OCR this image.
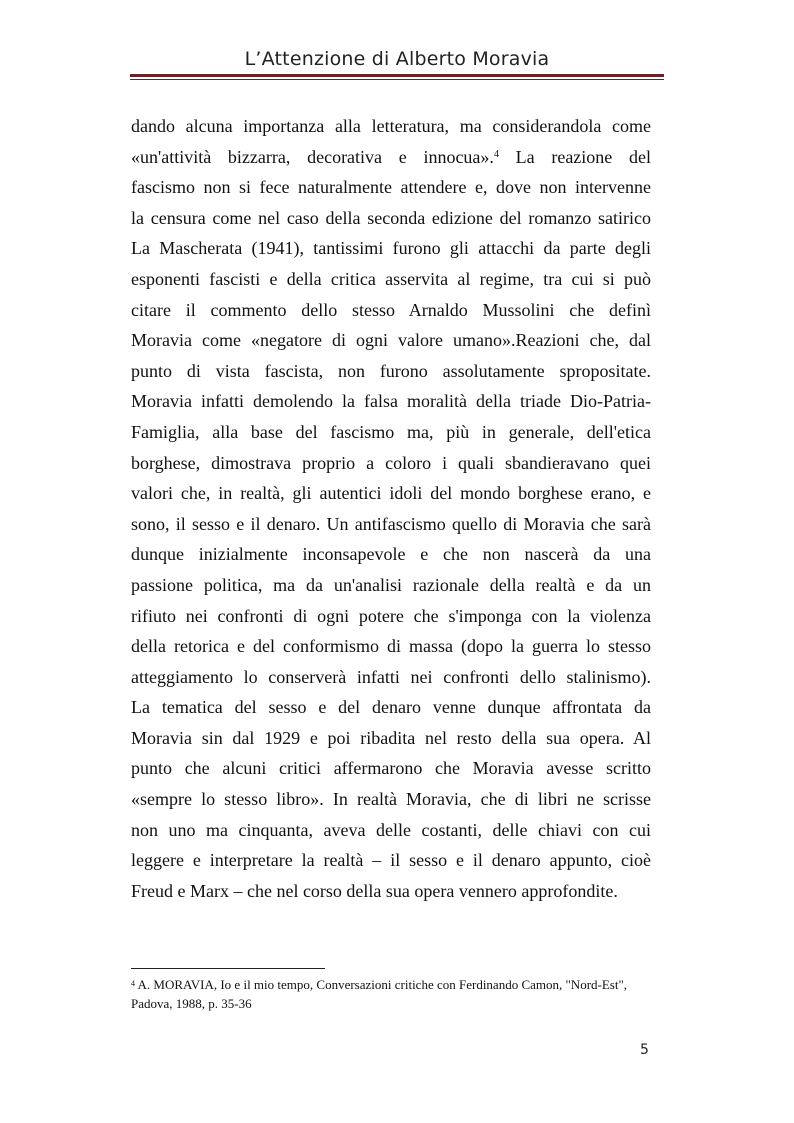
L’Attenzione di Alberto Moravia

dando alcuna importanza alla letteratura, ma considerandola come

«un'attività bizzarra, decorativa e innocua».$^4$ La reazione del

fascismo non si fece naturalmente attendere e, dove non intervenne

la censura come nel caso della seconda edizione del romanzo satirico

La Mascherata (1941), tantissimi furono gli attacchi da parte degli

esponenti fascisti e della critica asservita al regime, tra cui si può

citare il commento dello stesso Arnaldo Mussolini che definì

Moravia come «negatore di ogni valore umano».Reazioni che, dal

punto di vista fascista, non furono assolutamente spropositate.

Moravia infatti demolendo la falsa moralità della triade Dio-Patria-

Famiglia, alla base del fascismo ma, più in generale, dell'etica

borghese, dimostrava proprio a coloro i quali sbandieravano quei

valori che, in realtà, gli autentici idoli del mondo borghese erano, e

sono, il sesso e il denaro. Un antifascismo quello di Moravia che sarà

dunque inizialmente inconsapevole e che non nascerà da una

passione politica, ma da un'analisi razionale della realtà e da un

rifiuto nei confronti di ogni potere che s'imponga con la violenza

della retorica e del conformismo di massa (dopo la guerra lo stesso

atteggiamento lo conserverà infatti nei confronti dello stalinismo).

La tematica del sesso e del denaro venne dunque affrontata da

Moravia sin dal 1929 e poi ribadita nel resto della sua opera. Al

punto che alcuni critici affermarono che Moravia avesse scritto

«sempre lo stesso libro». In realtà Moravia, che di libri ne scrisse

non uno ma cinquanta, aveva delle costanti, delle chiavi con cui

leggere e interpretare la realtà – il sesso e il denaro appunto, cioè

Freud e Marx – che nel corso della sua opera vennero approfondite.

$^4$ A. MORAVIA, Io e il mio tempo, Conversazioni critiche con Ferdinando Camon, "Nord-Est",
Padova, 1988, p. 35-36
5
